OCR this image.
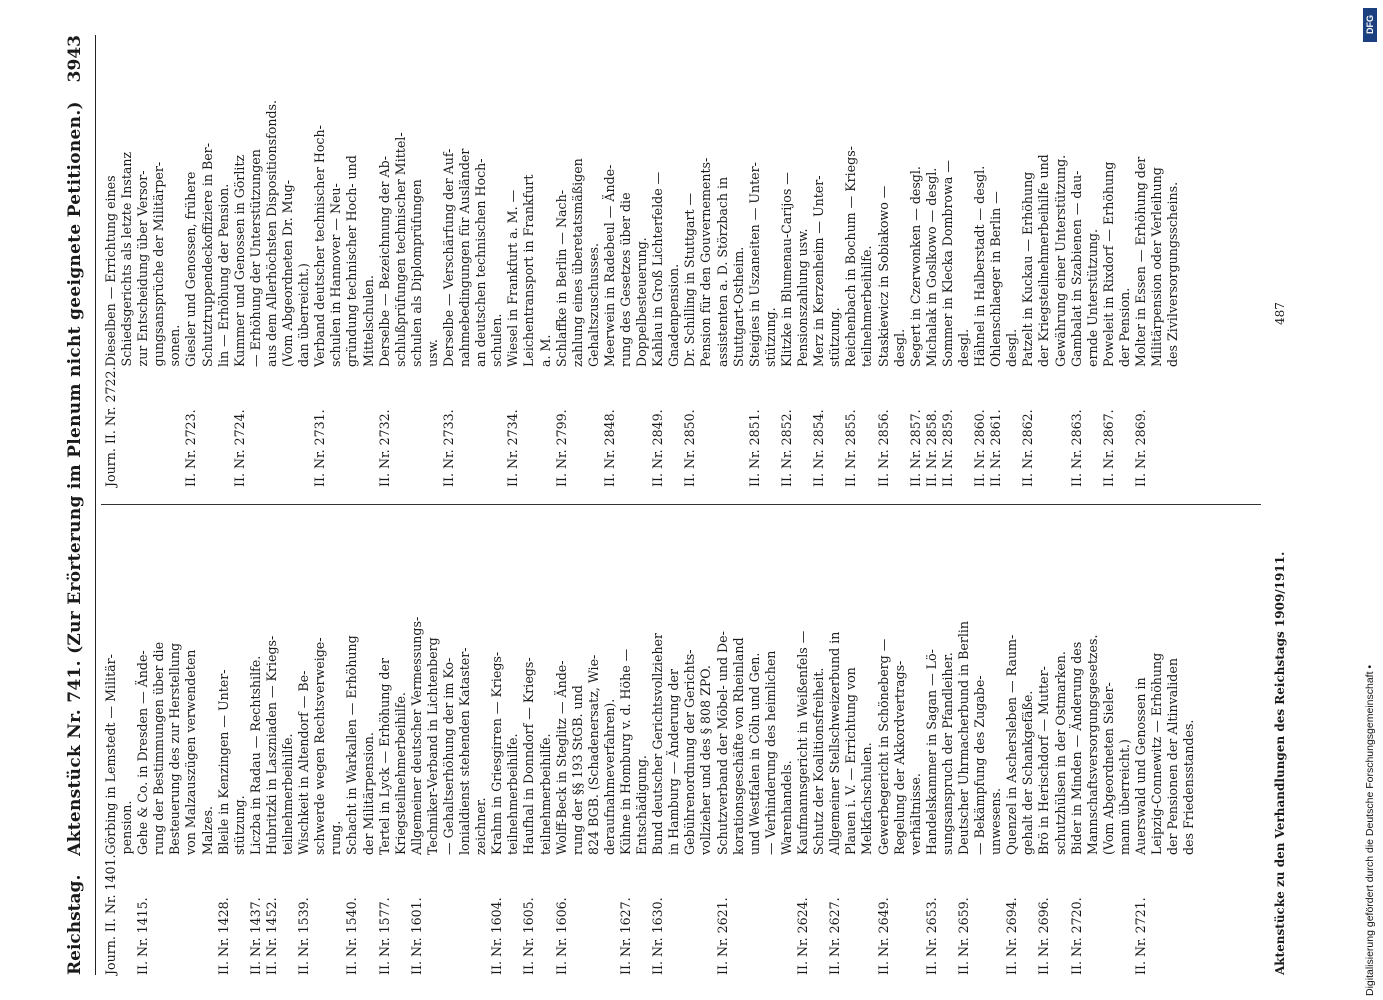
Reichstag.
Aktenstück Nr. 741. (Zur Erörterung im Plenum nicht geeignete Petitionen.)
3943
Journ. II. Nr. 1401.
Görbing in Lemstedt — Militär-
pension.
II. Nr. 1415.
Gehe & Co. in Dresden — Ände-
rung der Bestimmungen über die
Besteuerung des zur Herstellung
von Malzauszügen verwendeten
Malzes.
II. Nr. 1428.
Bleile in Kenzingen — Unter-
stützung.
II. Nr. 1437. II. Nr. 1452.
Liczba in Radau — Rechtshilfe.
Hubritzki in Laszniaden — Kriegs-
teilnehmerbeihilfe.
II. Nr. 1539.
Wischkeit in Altendorf — Be-
schwerde wegen Rechtsverweige-
rung.
II. Nr. 1540.
Schacht in Warkallen — Erhöhung
der Militärpension.
II. Nr. 1577.
Tertel in Lyck — Erhöhung der
Kriegsteilnehmerbeihilfe.
II. Nr. 1601.
Allgemeiner deutscher Vermessungs-
Techniker-Verband in Lichtenberg
— Gehaltserhöhung der im Ko-
lonialdienst stehenden Kataster-
zeichner.
II. Nr. 1604.
Krahm in Griesgirren — Kriegs-
teilnehmerbeihilfe.
II. Nr. 1605.
Haufhal in Donndorf — Kriegs-
teilnehmerbeihilfe.
II. Nr. 1606.
Wolff-Beck in Steglitz — Ände-
rung der §§ 193 StGB. und
824 BGB. (Schadenersatz, Wie-
deraufnahmeverfahren).
II. Nr. 1627.
Kühne in Homburg v. d. Höhe —
Entschädigung.
II. Nr. 1630.
Bund deutscher Gerichtsvollzieher
in Hamburg — Änderung der
Gebührenordnung der Gerichts-
vollzieher und des § 808 ZPO.
II. Nr. 2621.
Schutzverband der Möbel- und De-
korationsgeschäfte von Rheinland
und Westfalen in Cöln und Gen.
— Verhinderung des heimlichen
Warenhandels.
II. Nr. 2624.
Kaufmannsgericht in Weißenfels —
Schutz der Koalitionsfreiheit.
II. Nr. 2627.
Allgemeiner Stellschweizerbund in
Plauen i. V. — Errichtung von
Melkfachschulen.
II. Nr. 2649.
Gewerbegericht in Schöneberg —
Regelung der Akkordvertrags-
verhältnisse.
II. Nr. 2653.
Handelskammer in Sagan — Lö-
sungsanspruch der Pfandleiher.
II. Nr. 2659.
Deutscher Uhrmacherbund in Berlin
— Bekämpfung des Zugabe-
unwesens.
II. Nr. 2694.
Quenzel in Aschersleben — Raum-
gehalt der Schankgefäße.
II. Nr. 2696.
Brö in Herischdorf — Mutter-
schutzhülsen in der Ostmarken.
II. Nr. 2720.
Bider in Minden — Änderung des
Mannschaftsversorgungsgesetzes.
(Vom Abgeordneten Sieler-
mann überreicht.)
II. Nr. 2721.
Auerswald und Genossen in
Leipzig-Connewitz — Erhöhung
der Pensionen der Altinvaliden
des Friedensstandes.
Journ. II. Nr. 2722.
Dieselben — Errichtung eines
Schiedsgerichts als letzte Instanz
zur Entscheidung über Versor-
gungsansprüche der Militärper-
sonen.
II. Nr. 2723.
Giesler und Genossen, frühere
Schutztruppendeckoffiziere in Ber-
lin — Erhöhung der Pension.
II. Nr. 2724.
Kummer und Genossen in Görlitz
— Erhöhung der Unterstützungen
aus dem Allerhöchsten Dispositionsfonds.
(Vom Abgeordneten Dr. Mug-
dan überreicht.)
II. Nr. 2731.
Verband deutscher technischer Hoch-
schulen in Hannover — Neu-
gründung technischer Hoch- und
Mittelschulen.
II. Nr. 2732.
Derselbe — Bezeichnung der Ab-
schlußprüfungen technischer Mittel-
schulen als Diplomprüfungen
usw.
II. Nr. 2733.
Derselbe — Verschärfung der Auf-
nahmebedingungen für Ausländer
an deutschen technischen Hoch-
schulen.
II. Nr. 2734.
Wiesel in Frankfurt a. M. —
Leichentransport in Frankfurt
a. M.
II. Nr. 2799.
Schlaffke in Berlin — Nach-
zahlung eines überetatsmäßigen
Gehaltszuschusses.
II. Nr. 2848.
Meerwein in Radebeul — Ände-
rung des Gesetzes über die
Doppelbesteuerung.
II. Nr. 2849.
Kahlau in Groß Lichterfelde —
Gnadenpension.
II. Nr. 2850.
Dr. Schilling in Stuttgart —
Pension für den Gouvernements-
assistenten a. D. Störzbach in
Stuttgart-Ostheim.
II. Nr. 2851.
Steigies in Uszaneiten — Unter-
stützung.
II. Nr. 2852.
Klitzke in Blumenau-Carijos —
Pensionszahlung usw.
II. Nr. 2854.
Merz in Kerzenheim — Unter-
stützung.
II. Nr. 2855.
Reichenbach in Bochum — Kriegs-
teilnehmerbeihilfe.
II. Nr. 2856.
Staskiewicz in Sobiakowo —
desgl.
II. Nr. 2857. II. Nr. 2858. II. Nr. 2859.
Segert in Czerwonken — desgl.
Michalak in Goslkowo — desgl.
Sommer in Klecka Dombrowa —
desgl.
II. Nr. 2860. II. Nr. 2861.
Hähnel in Halberstadt — desgl.
Ohlenschlaeger in Berlin —
desgl.
II. Nr. 2862.
Patzelt in Kuckau — Erhöhung
der Kriegsteilnehmerbeihilfe und
Gewährung einer Unterstützung.
II. Nr. 2863.
Gambalat in Szabienen — dau-
ernde Unterstützung.
II. Nr. 2867.
Poweleit in Rixdorf — Erhöhung
der Pension.
II. Nr. 2869.
Molter in Essen — Erhöhung der
Militärpension oder Verleihung
des Zivilversorgungsscheins.
Aktenstücke zu den Verhandlungen des Reichstags 1909/1911.
487
DFG
Digitalisierung gefördert durch die Deutsche Forschungsgemeinschaft •
